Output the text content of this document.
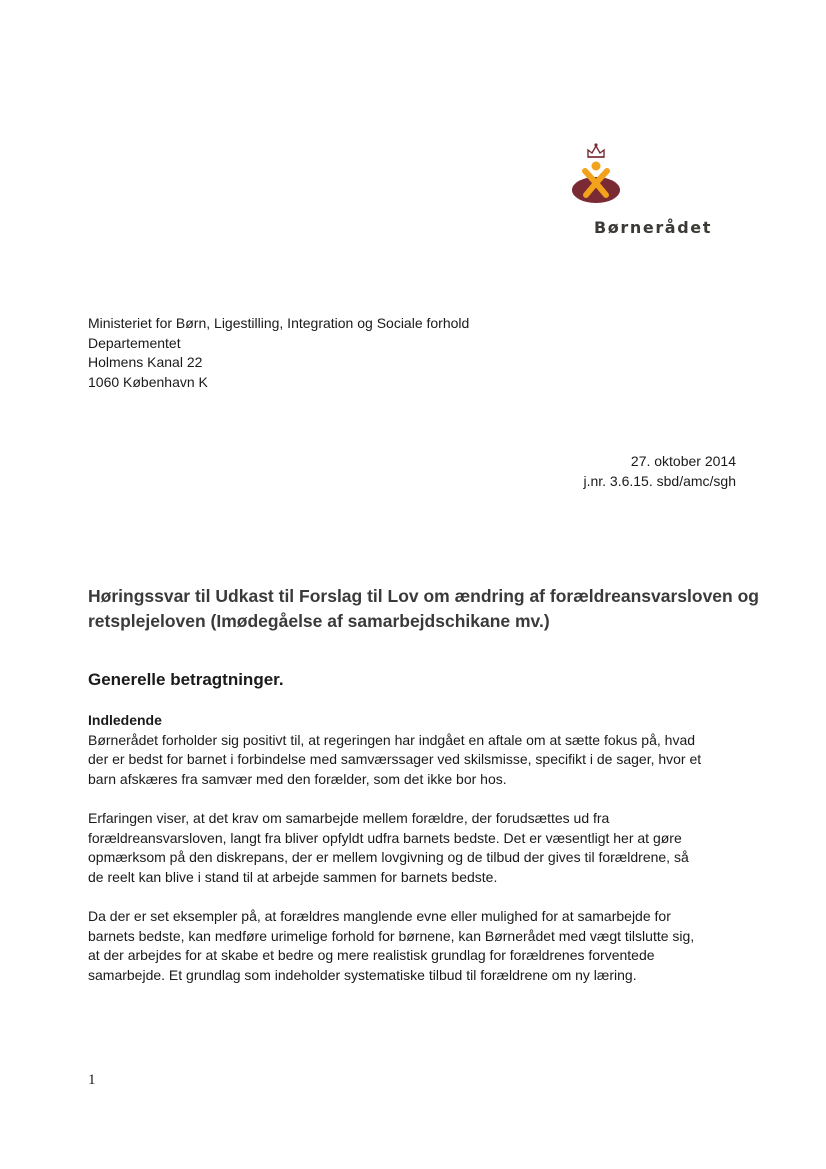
Børnerådet
Ministeriet for Børn, Ligestilling, Integration og Sociale forhold
Departementet
Holmens Kanal 22
1060 København K
27. oktober 2014
j.nr. 3.6.15. sbd/amc/sgh
Høringssvar til Udkast til Forslag til Lov om ændring af forældreansvarsloven og
retsplejeloven (Imødegåelse af samarbejdschikane mv.)
Generelle betragtninger.
Indledende
Børnerådet forholder sig positivt til, at regeringen har indgået en aftale om at sætte fokus på, hvad
der er bedst for barnet i forbindelse med samværssager ved skilsmisse, specifikt i de sager, hvor et
barn afskæres fra samvær med den forælder, som det ikke bor hos.
Erfaringen viser, at det krav om samarbejde mellem forældre, der forudsættes ud fra
forældreansvarsloven, langt fra bliver opfyldt udfra barnets bedste. Det er væsentligt her at gøre
opmærksom på den diskrepans, der er mellem lovgivning og de tilbud der gives til forældrene, så
de reelt kan blive i stand til at arbejde sammen for barnets bedste.
Da der er set eksempler på, at forældres manglende evne eller mulighed for at samarbejde for
barnets bedste, kan medføre urimelige forhold for børnene, kan Børnerådet med vægt tilslutte sig,
at der arbejdes for at skabe et bedre og mere realistisk grundlag for forældrenes forventede
samarbejde. Et grundlag som indeholder systematiske tilbud til forældrene om ny læring.
1
